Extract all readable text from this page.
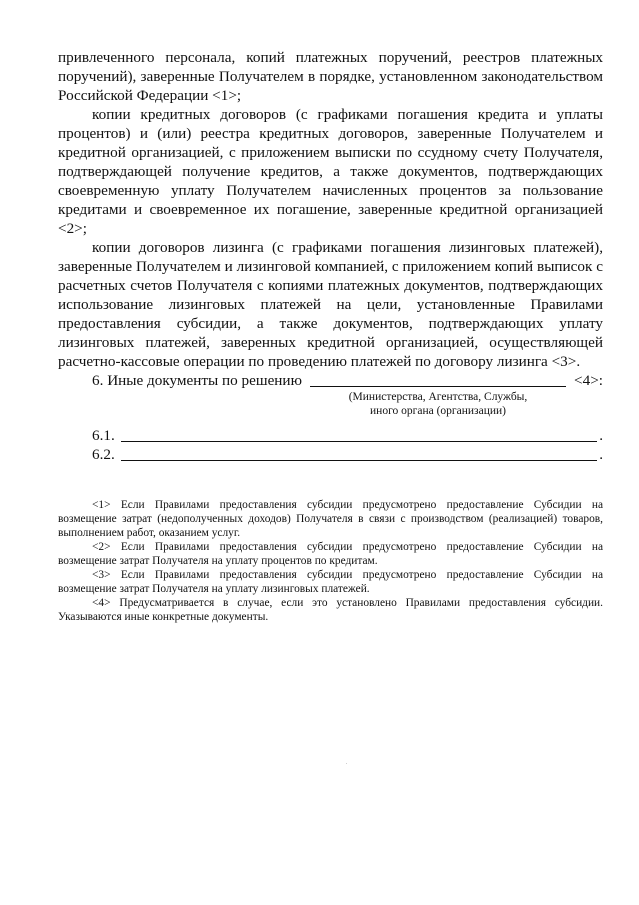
привлеченного персонала, копий платежных поручений, реестров платежных поручений), заверенные Получателем в порядке, установленном законодательством Российской Федерации <1>;

копии кредитных договоров (с графиками погашения кредита и уплаты процентов) и (или) реестра кредитных договоров, заверенные Получателем и кредитной организацией, с приложением выписки по ссудному счету Получателя, подтверждающей получение кредитов, а также документов, подтверждающих своевременную уплату Получателем начисленных процентов за пользование кредитами и своевременное их погашение, заверенные кредитной организацией <2>;

копии договоров лизинга (с графиками погашения лизинговых платежей), заверенные Получателем и лизинговой компанией, с приложением копий выписок с расчетных счетов Получателя с копиями платежных документов, подтверждающих использование лизинговых платежей на цели, установленные Правилами предоставления субсидии, а также документов, подтверждающих уплату лизинговых платежей, заверенных кредитной организацией, осуществляющей расчетно-кассовые операции по проведению платежей по договору лизинга <3>.

6. Иные документы по решению	<4>:

(Министерства, Агентства, Службы, иного органа (организации)

6.1.	.
6.2.	.

<1> Если Правилами предоставления субсидии предусмотрено предоставление Субсидии на возмещение затрат (недополученных доходов) Получателя в связи с производством (реализацией) товаров, выполнением работ, оказанием услуг.

<2> Если Правилами предоставления субсидии предусмотрено предоставление Субсидии на возмещение затрат Получателя на уплату процентов по кредитам.

<3> Если Правилами предоставления субсидии предусмотрено предоставление Субсидии на возмещение затрат Получателя на уплату лизинговых платежей.

<4> Предусматривается в случае, если это установлено Правилами предоставления субсидии. Указываются иные конкретные документы.
